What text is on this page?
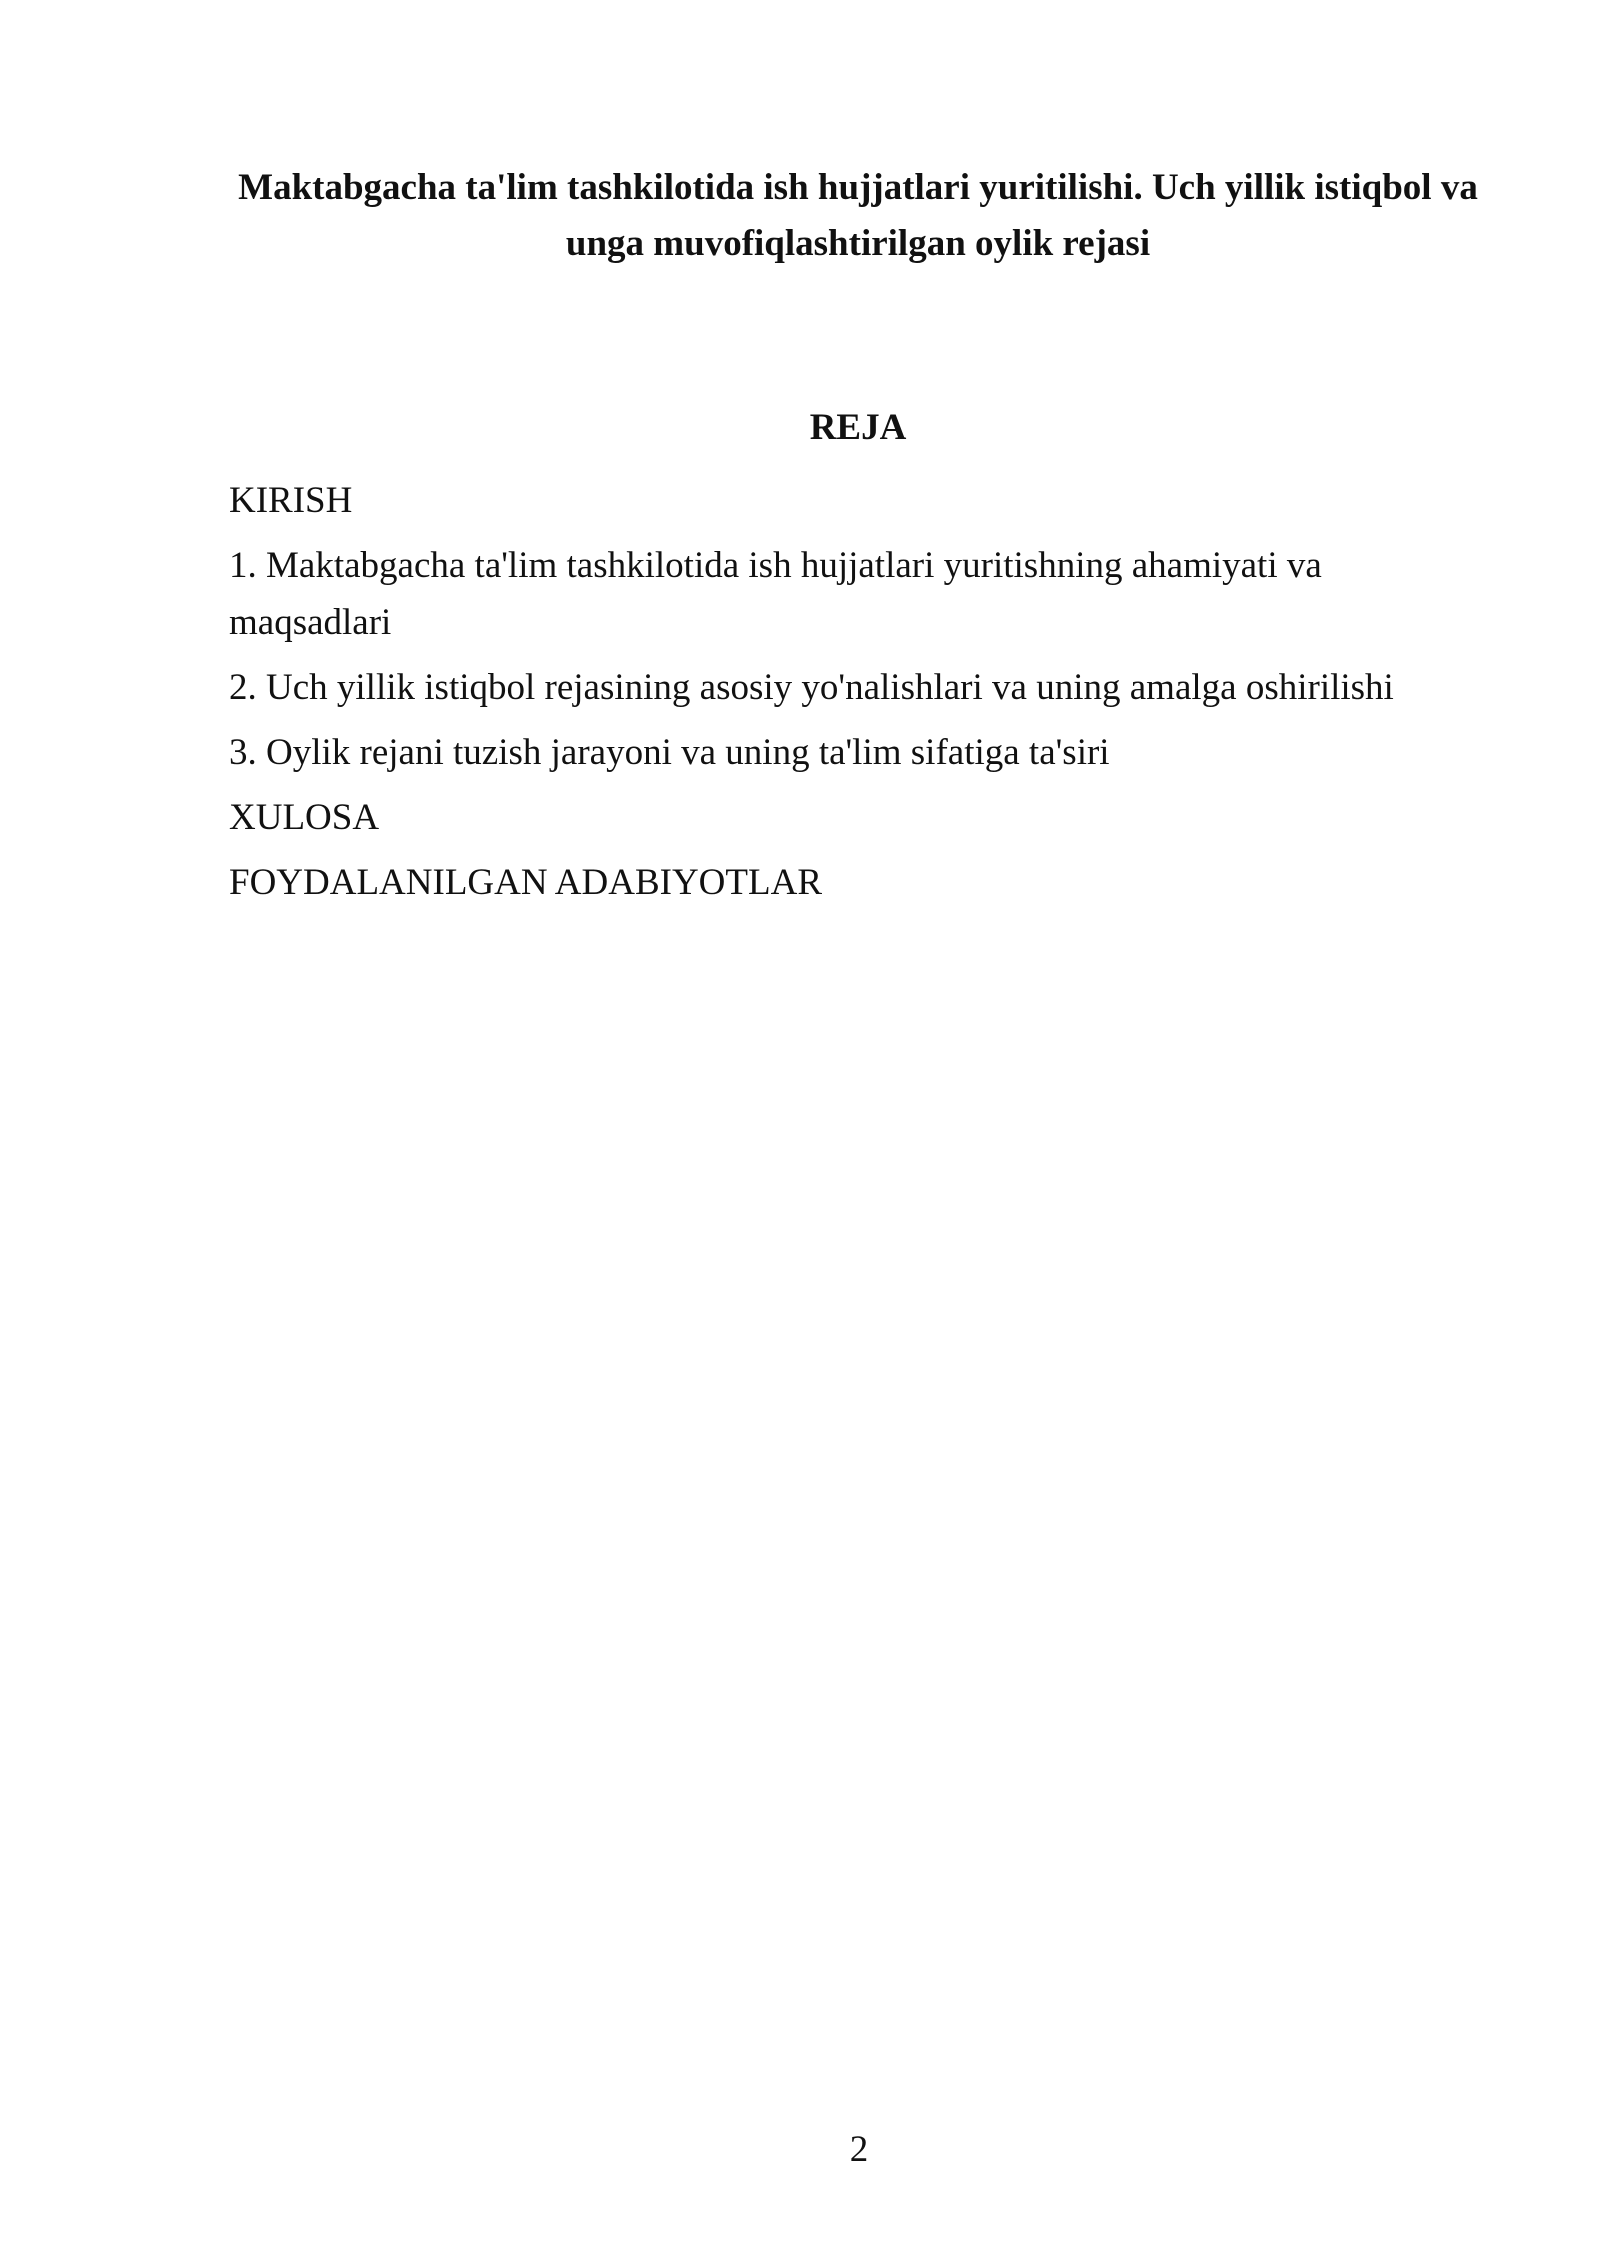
Maktabgacha ta'lim tashkilotida ish hujjatlari yuritilishi. Uch yillik istiqbol va unga muvofiqlashtirilgan oylik rejasi
REJA
KIRISH
1. Maktabgacha ta'lim tashkilotida ish hujjatlari yuritishning ahamiyati va maqsadlari
2. Uch yillik istiqbol rejasining asosiy yo'nalishlari va uning amalga oshirilishi
3. Oylik rejani tuzish jarayoni va uning ta'lim sifatiga ta'siri
XULOSA
FOYDALANILGAN ADABIYOTLAR
2
